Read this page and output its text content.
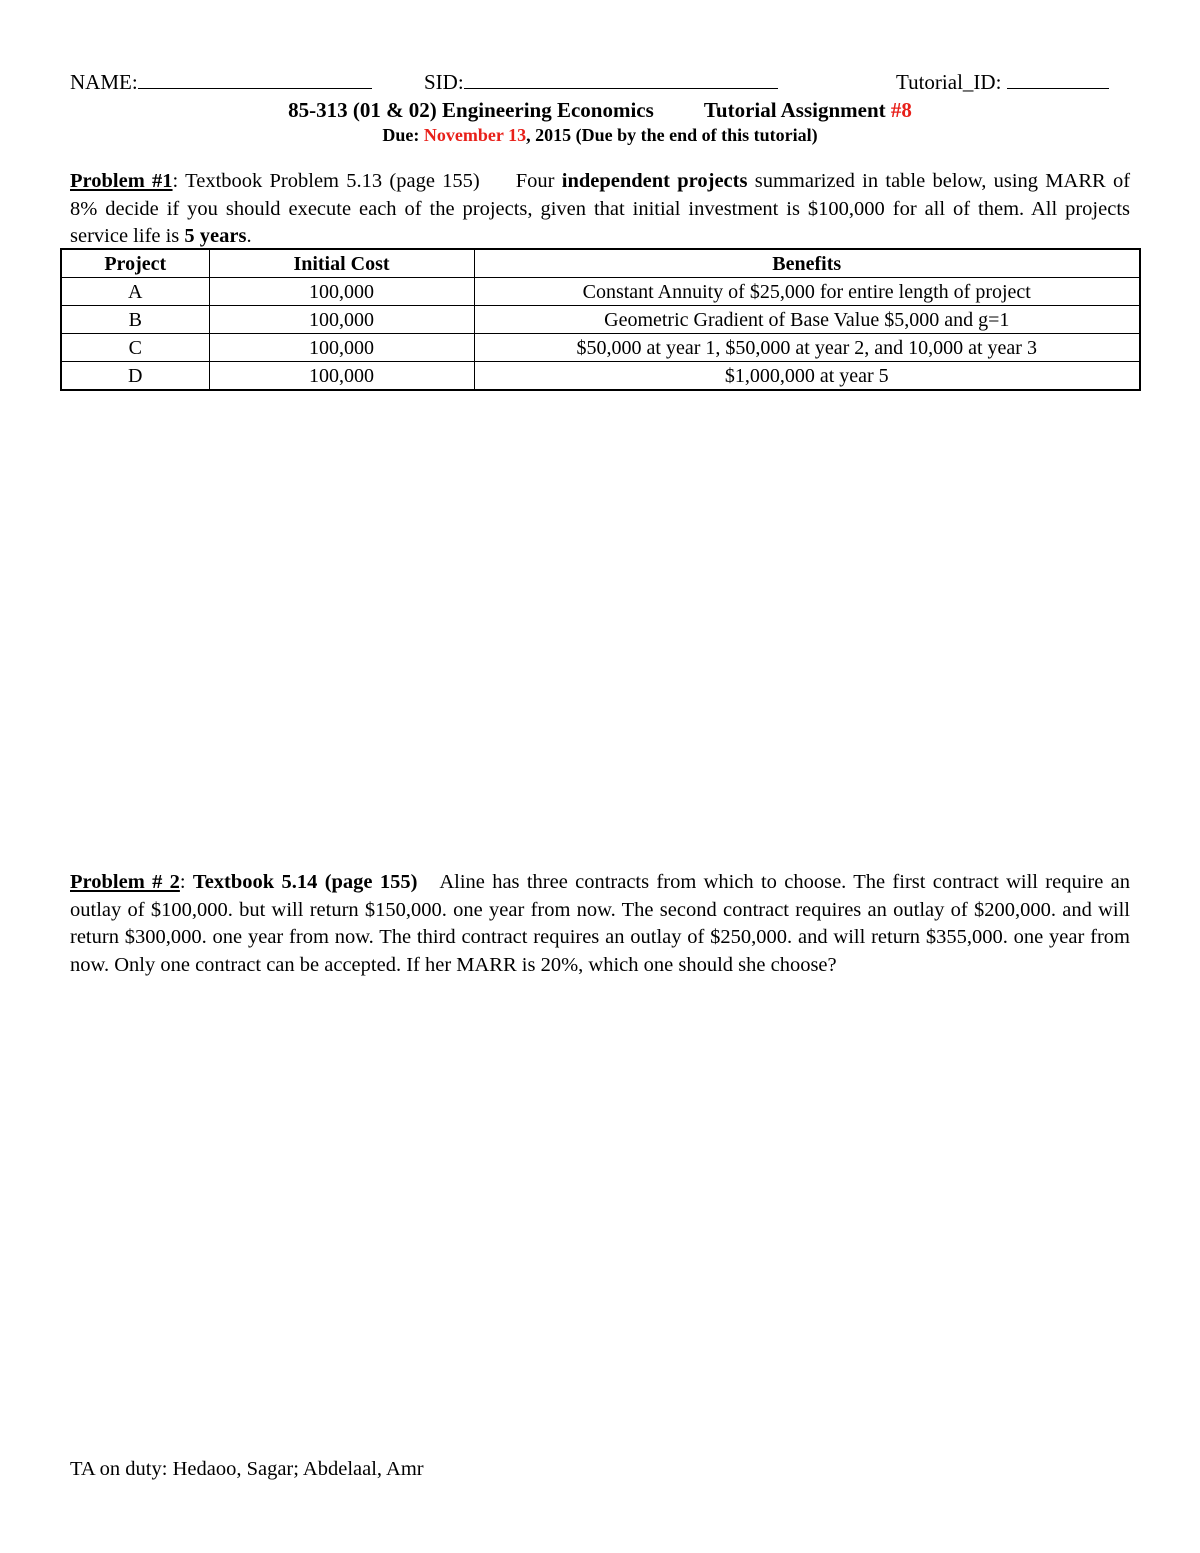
NAME:	SID:	Tutorial_ID:
85-313 (01 & 02) Engineering Economics Tutorial Assignment #8
Due: November 13, 2015 (Due by the end of this tutorial)
Problem #1: Textbook Problem 5.13 (page 155) Four independent projects summarized in table below, using MARR of 8% decide if you should execute each of the projects, given that initial investment is $100,000 for all of them. All projects service life is 5 years.
Project	Initial Cost	Benefits
A	100,000	Constant Annuity of $25,000 for entire length of project
B	100,000	Geometric Gradient of Base Value $5,000 and g=1
C	100,000	$50,000 at year 1, $50,000 at year 2, and 10,000 at year 3
D	100,000	$1,000,000 at year 5
Problem # 2: Textbook 5.14 (page 155) Aline has three contracts from which to choose. The first contract will require an outlay of $100,000. but will return $150,000. one year from now. The second contract requires an outlay of $200,000. and will return $300,000. one year from now. The third contract requires an outlay of $250,000. and will return $355,000. one year from now. Only one contract can be accepted. If her MARR is 20%, which one should she choose?
TA on duty: Hedaoo, Sagar; Abdelaal, Amr
